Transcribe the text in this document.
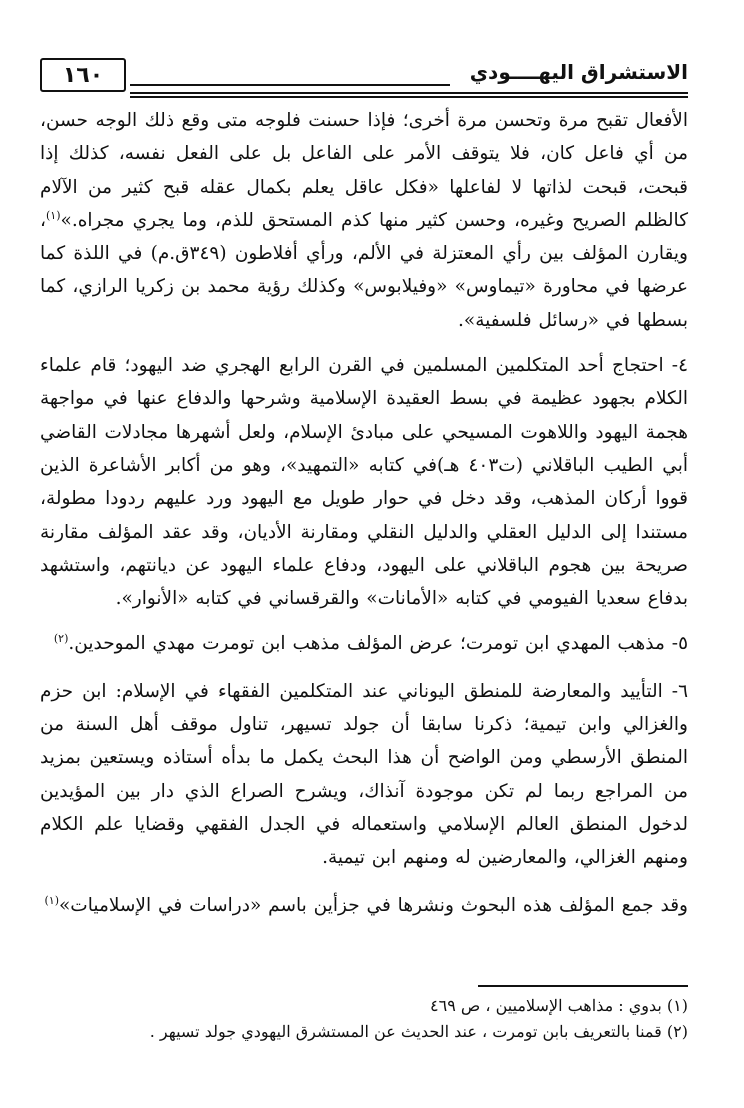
الاستشراق اليهــــودي
١٦٠

الأفعال تقبح مرة وتحسن مرة أخرى؛ فإذا حسنت فلوجه متى وقع ذلك الوجه حسن، من أي فاعل كان، فلا يتوقف الأمر على الفاعل بل على الفعل نفسه، كذلك إذا قبحت، قبحت لذاتها لا لفاعلها «فكل عاقل يعلم بكمال عقله قبح كثير من الآلام كالظلم الصريح وغيره، وحسن كثير منها كذم المستحق للذم، وما يجري مجراه.»$^{(١)}$، ويقارن المؤلف بين رأي المعتزلة في الألم، ورأي أفلاطون (٣٤٩ق.م) في اللذة كما عرضها في محاورة «تيماوس» «وفيلابوس» وكذلك رؤية محمد بن زكريا الرازي، كما بسطها في «رسائل فلسفية».

٤- احتجاج أحد المتكلمين المسلمين في القرن الرابع الهجري ضد اليهود؛ قام علماء الكلام بجهود عظيمة في بسط العقيدة الإسلامية وشرحها والدفاع عنها في مواجهة هجمة اليهود واللاهوت المسيحي على مبادئ الإسلام، ولعل أشهرها مجادلات القاضي أبي الطيب الباقلاني (ت٤٠٣ هـ)في كتابه «التمهيد»، وهو من أكابر الأشاعرة الذين قووا أركان المذهب، وقد دخل في حوار طويل مع اليهود ورد عليهم ردودا مطولة، مستندا إلى الدليل العقلي والدليل النقلي ومقارنة الأديان، وقد عقد المؤلف مقارنة صريحة بين هجوم الباقلاني على اليهود، ودفاع علماء اليهود عن ديانتهم، واستشهد بدفاع سعديا الفيومي في كتابه «الأمانات» والقرقساني في كتابه «الأنوار».

٥- مذهب المهدي ابن تومرت؛ عرض المؤلف مذهب ابن تومرت مهدي الموحدين.$^{(٢)}$

٦- التأييد والمعارضة للمنطق اليوناني عند المتكلمين الفقهاء في الإسلام: ابن حزم والغزالي وابن تيمية؛ ذكرنا سابقا أن جولد تسيهر، تناول موقف أهل السنة من المنطق الأرسطي ومن الواضح أن هذا البحث يكمل ما بدأه أستاذه ويستعين بمزيد من المراجع ربما لم تكن موجودة آنذاك، ويشرح الصراع الذي دار بين المؤيدين لدخول المنطق العالم الإسلامي واستعماله في الجدل الفقهي وقضايا علم الكلام ومنهم الغزالي، والمعارضين له ومنهم ابن تيمية.

وقد جمع المؤلف هذه البحوث ونشرها في جزأين باسم «دراسات في الإسلاميات»$^{(١)}$

(١) بدوي : مذاهب الإسلاميين ، ص ٤٦٩

(٢) قمنا بالتعريف بابن تومرت ، عند الحديث عن المستشرق اليهودي جولد تسيهر .
